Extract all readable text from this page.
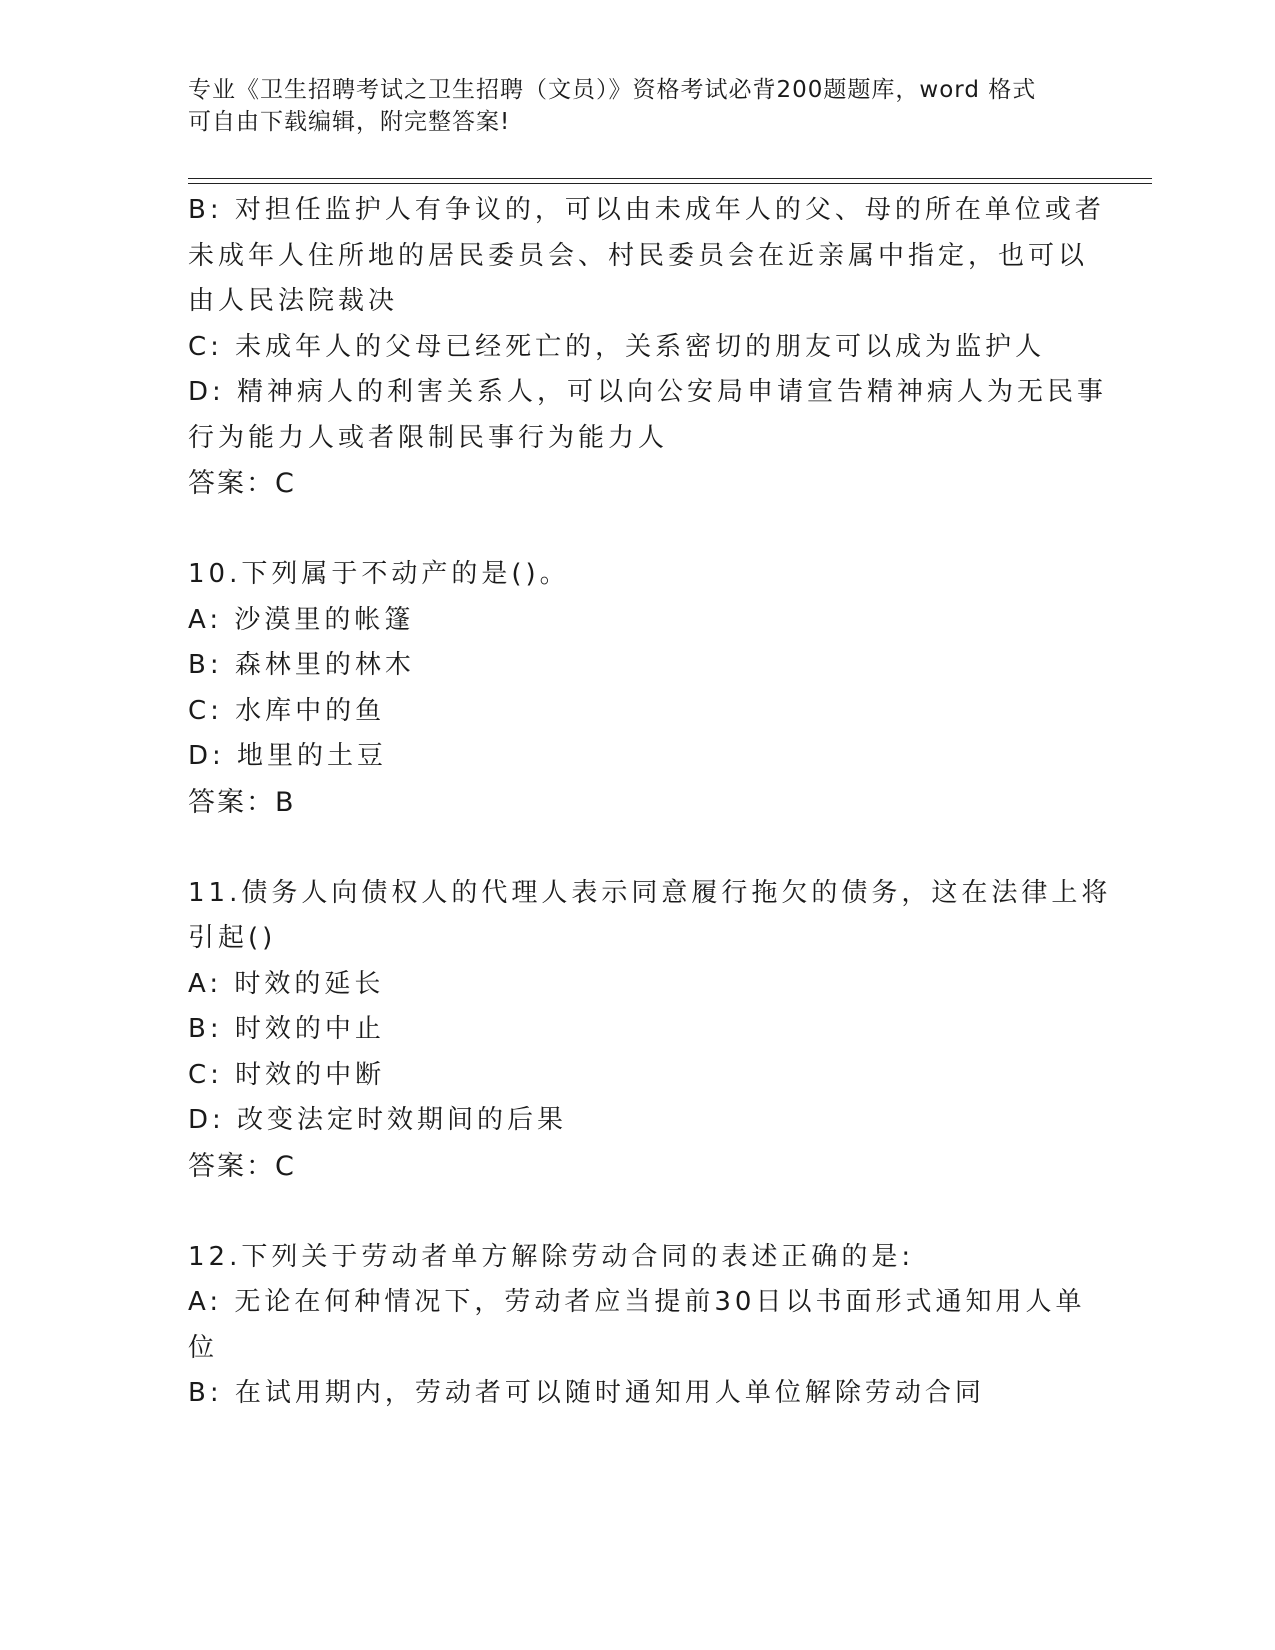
专业《卫生招聘考试之卫生招聘（文员）》资格考试必背200题题库，word 格式
可自由下载编辑，附完整答案!
B: 对担任监护人有争议的，可以由未成年人的父、母的所在单位或者
未成年人住所地的居民委员会、村民委员会在近亲属中指定，也可以
由人民法院裁决
C: 未成年人的父母已经死亡的，关系密切的朋友可以成为监护人
D: 精神病人的利害关系人，可以向公安局申请宣告精神病人为无民事
行为能力人或者限制民事行为能力人
答案：C
10.下列属于不动产的是()。
A: 沙漠里的帐篷
B: 森林里的林木
C: 水库中的鱼
D: 地里的土豆
答案：B
11.债务人向债权人的代理人表示同意履行拖欠的债务，这在法律上将
引起()
A: 时效的延长
B: 时效的中止
C: 时效的中断
D: 改变法定时效期间的后果
答案：C
12.下列关于劳动者单方解除劳动合同的表述正确的是:
A: 无论在何种情况下，劳动者应当提前30日以书面形式通知用人单
位
B: 在试用期内，劳动者可以随时通知用人单位解除劳动合同
